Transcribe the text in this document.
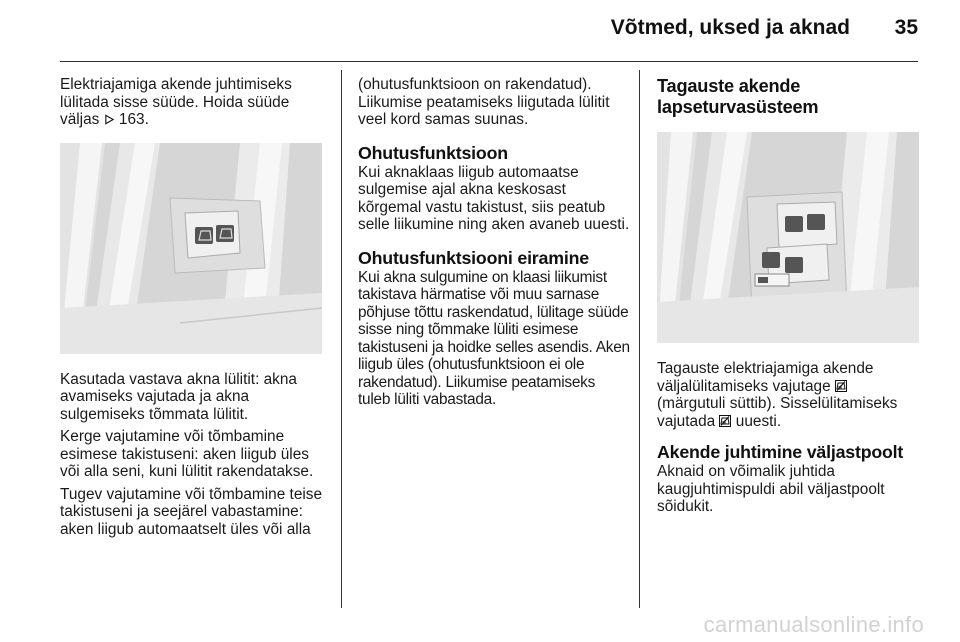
Võtmed, uksed ja aknad 35

Elektriajamiga akende juhtimiseks lülitada sisse süüde. Hoida süüde väljas 163.

Kasutada vastava akna lülitit: akna avamiseks vajutada ja akna sulgemiseks tõmmata lülitit.

Kerge vajutamine või tõmbamine esimese takistuseni: aken liigub üles või alla seni, kuni lülitit rakendatakse.

Tugev vajutamine või tõmbamine teise takistuseni ja seejärel vabastamine: aken liigub automaatselt üles või alla

(ohutusfunktsioon on rakendatud). Liikumise peatamiseks liigutada lülitit veel kord samas suunas.

Ohutusfunktsioon

Kui aknaklaas liigub automaatse sulgemise ajal akna keskosast kõrgemal vastu takistust, siis peatub selle liikumine ning aken avaneb uuesti.

Ohutusfunktsiooni eiramine

Kui akna sulgumine on klaasi liikumist takistava härmatise või muu sarnase põhjuse tõttu raskendatud, lülitage süüde sisse ning tõmmake lüliti esimese takistuseni ja hoidke selles asendis. Aken liigub üles (ohutusfunktsioon ei ole rakendatud). Liikumise peatamiseks tuleb lüliti vabastada.

Tagauste akende lapseturvasüsteem

Tagauste elektriajamiga akende väljalülitamiseks vajutage  (märgutuli süttib). Sisselülitamiseks vajutada uuesti.

Akende juhtimine väljastpoolt

Aknaid on võimalik juhtida kaugjuhtimispuldi abil väljastpoolt sõidukit.

carmanualsonline.info
